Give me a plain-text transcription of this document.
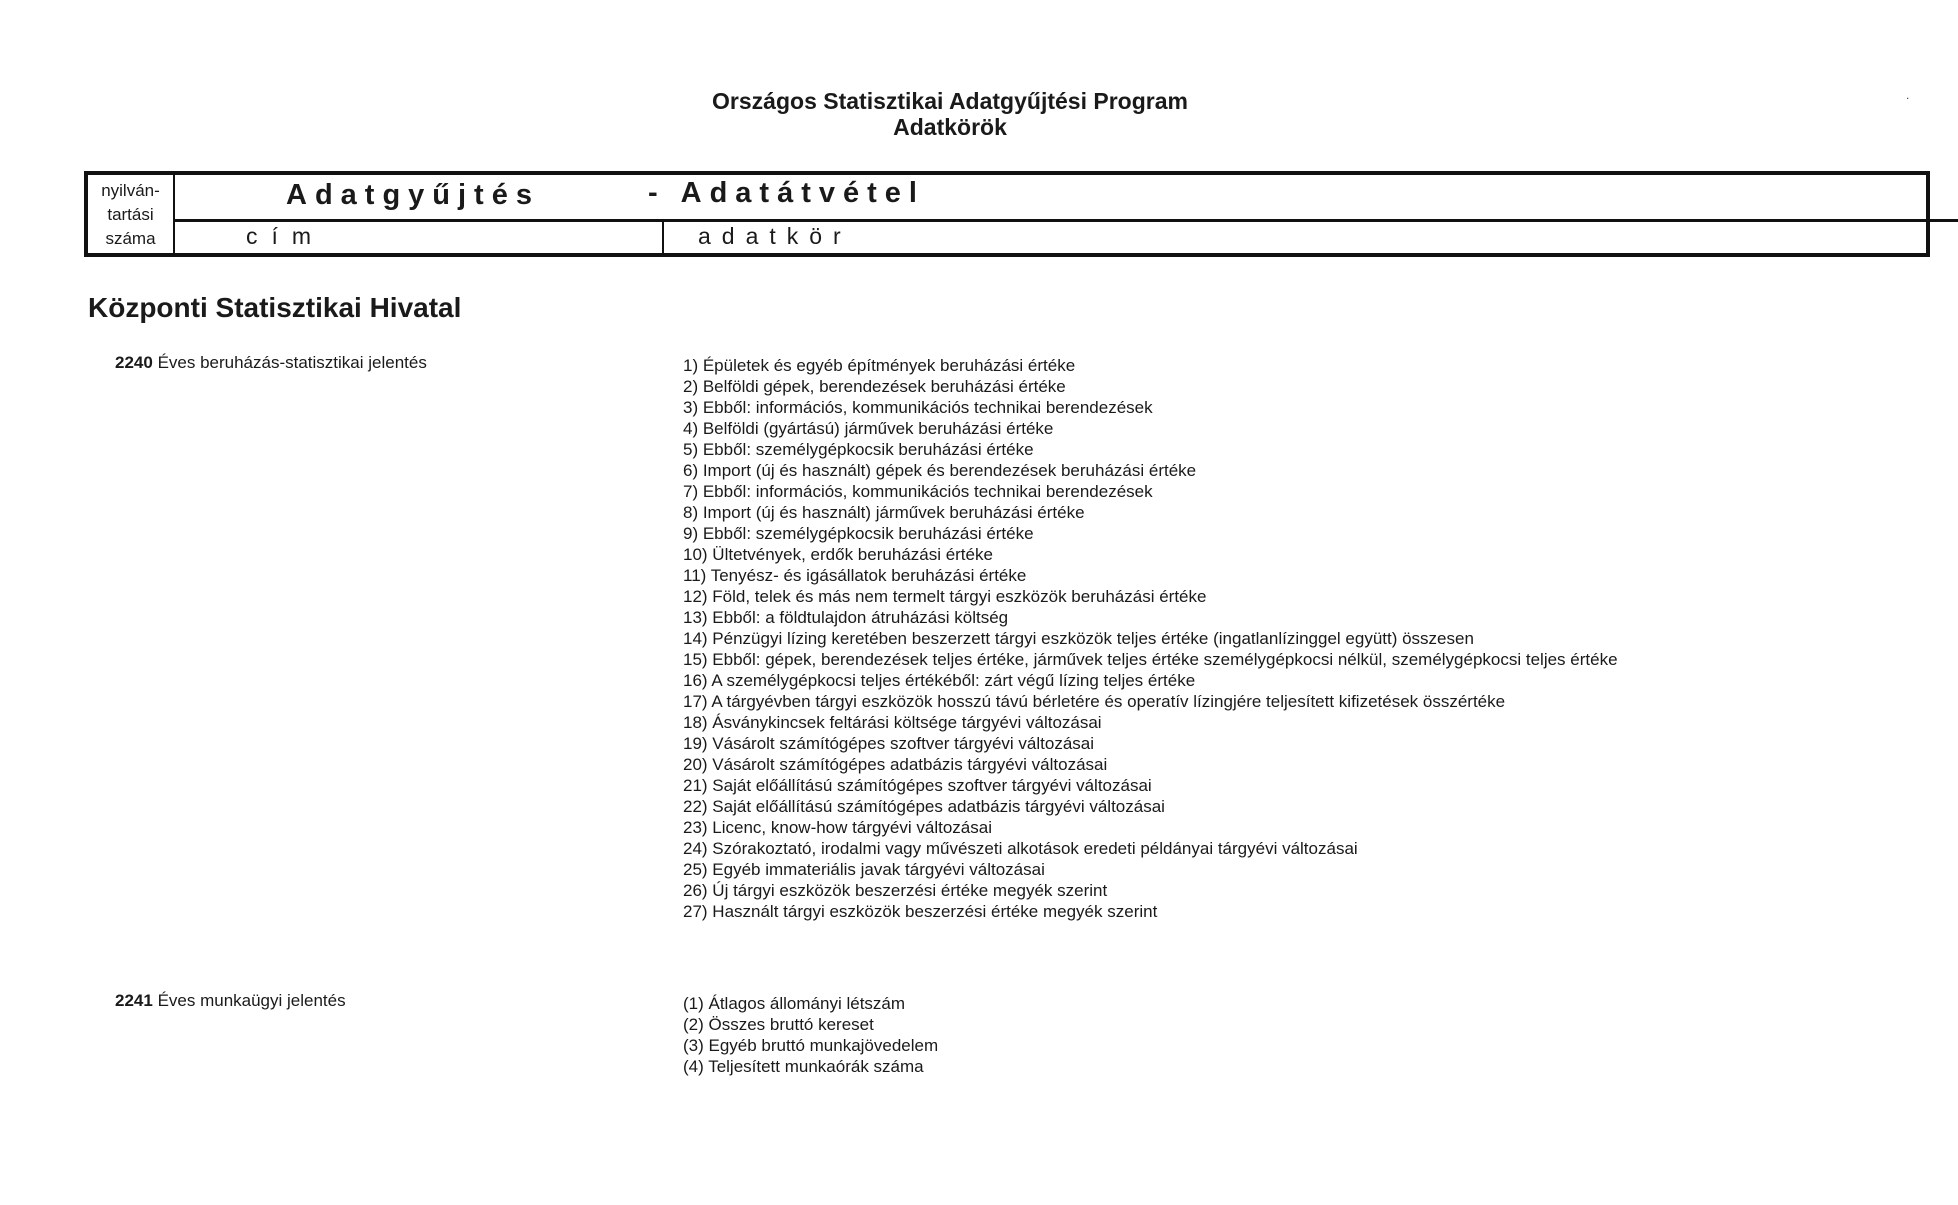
Országos Statisztikai Adatgyűjtési Program
Adatkörök
.
nyilván-
tartási
száma
Adatgyűjtés	- Adatátvétel
cím	adatkör
Központi Statisztikai Hivatal
2240 Éves beruházás-statisztikai jelentés	1) Épületek és egyéb építmények beruházási értéke
2) Belföldi gépek, berendezések beruházási értéke
3) Ebből: információs, kommunikációs technikai berendezések
4) Belföldi (gyártású) járművek beruházási értéke
5) Ebből: személygépkocsik beruházási értéke
6) Import (új és használt) gépek és berendezések beruházási értéke
7) Ebből: információs, kommunikációs technikai berendezések
8) Import (új és használt) járművek beruházási értéke
9) Ebből: személygépkocsik beruházási értéke
10) Ültetvények, erdők beruházási értéke
11) Tenyész- és igásállatok beruházási értéke
12) Föld, telek és más nem termelt tárgyi eszközök beruházási értéke
13) Ebből: a földtulajdon átruházási költség
14) Pénzügyi lízing keretében beszerzett tárgyi eszközök teljes értéke (ingatlanlízinggel együtt) összesen
15) Ebből: gépek, berendezések teljes értéke, járművek teljes értéke személygépkocsi nélkül, személygépkocsi teljes értéke
16) A személygépkocsi teljes értékéből: zárt végű lízing teljes értéke
17) A tárgyévben tárgyi eszközök hosszú távú bérletére és operatív lízingjére teljesített kifizetések összértéke
18) Ásványkincsek feltárási költsége tárgyévi változásai
19) Vásárolt számítógépes szoftver tárgyévi változásai
20) Vásárolt számítógépes adatbázis tárgyévi változásai
21) Saját előállítású számítógépes szoftver tárgyévi változásai
22) Saját előállítású számítógépes adatbázis tárgyévi változásai
23) Licenc, know-how tárgyévi változásai
24) Szórakoztató, irodalmi vagy művészeti alkotások eredeti példányai tárgyévi változásai
25) Egyéb immateriális javak tárgyévi változásai
26) Új tárgyi eszközök beszerzési értéke megyék szerint
27) Használt tárgyi eszközök beszerzési értéke megyék szerint
2241 Éves munkaügyi jelentés	(1) Átlagos állományi létszám
(2) Összes bruttó kereset
(3) Egyéb bruttó munkajövedelem
(4) Teljesített munkaórák száma
